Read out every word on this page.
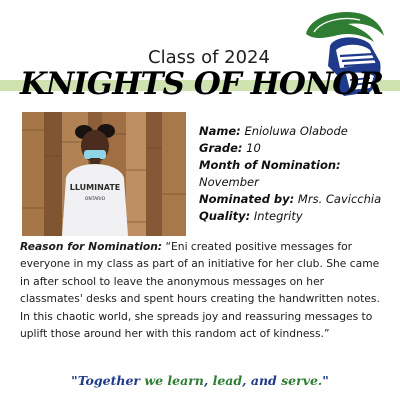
Class of 2024
KNIGHTS OF HONOR
LLUMINATE
ONTARIO
Name: Enioluwa Olabode
Grade: 10
Month of Nomination:
November
Nominated by: Mrs. Cavicchia
Quality: Integrity
Reason for Nomination: “Eni created positive messages for everyone in my class as part of an initiative for her club. She came in after school to leave the anonymous messages on her classmates' desks and spent hours creating the handwritten notes. In this chaotic world, she spreads joy and reassuring messages to uplift those around her with this random act of kindness.”
"Together we learn, lead, and serve."
